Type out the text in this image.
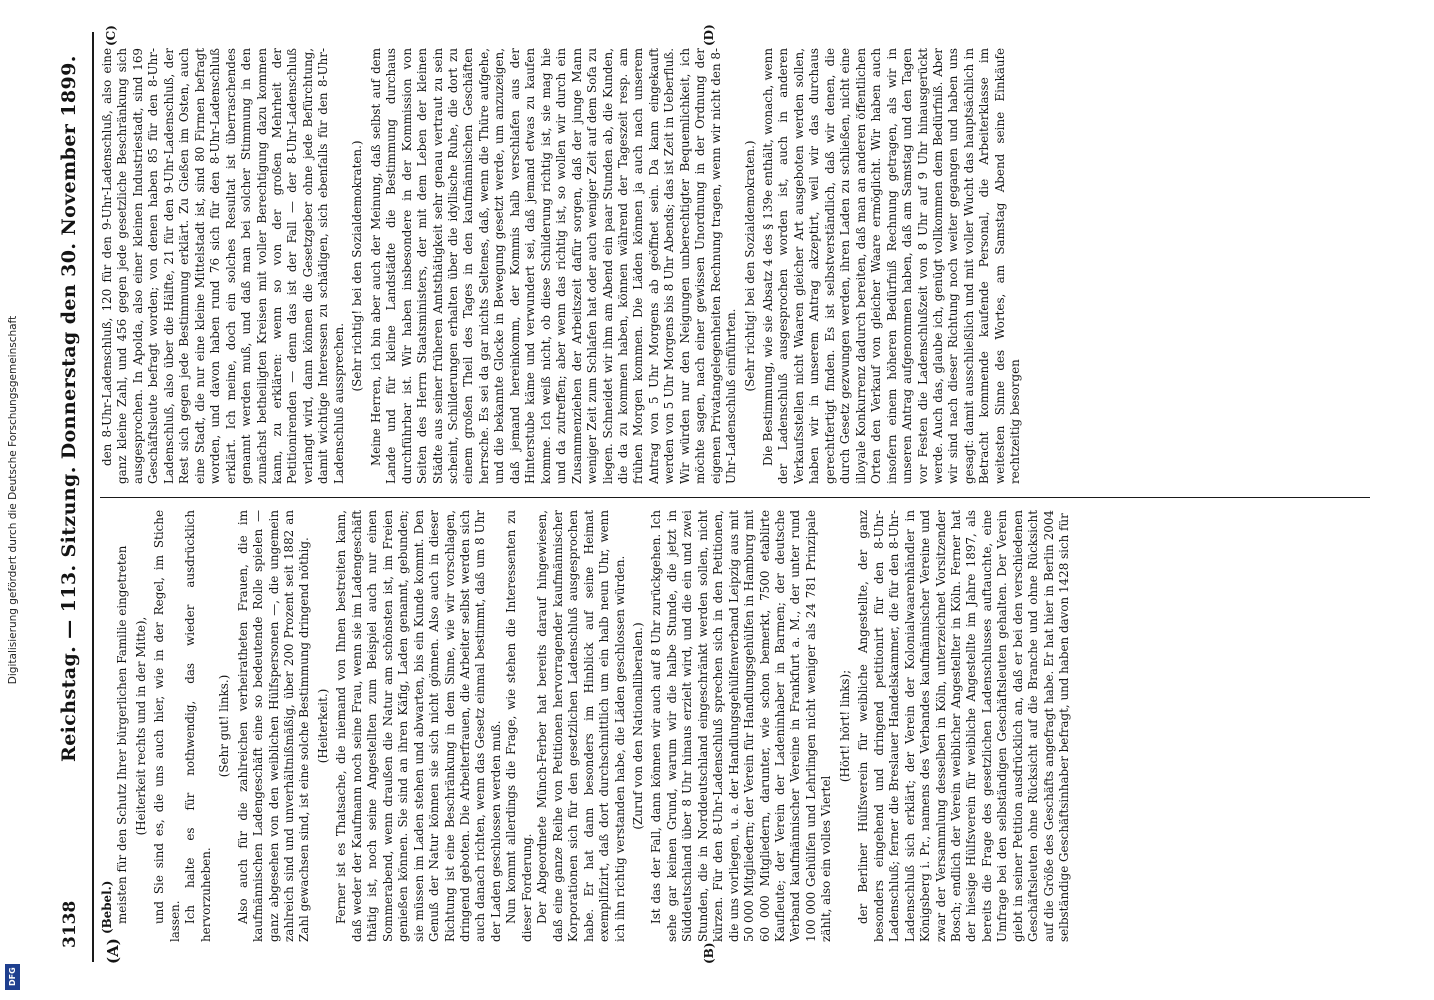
Digitalisierung gefördert durch die Deutsche Forschungsgemeinschaft
DFG
3138
Reichstag. — 113. Sitzung. Donnerstag den 30. November 1899.

(Bebel.) meisten für den Schutz Ihrer bürgerlichen Familie eingetreten (Heiterkeit rechts und in der Mitte), und Sie sind es, die uns auch hier, wie in der Regel, im Stiche lassen. Ich halte es für nothwendig, das wieder ausdrücklich hervorzuheben.

(Sehr gut! links.) Also auch für die zahlreichen verheiratheten Frauen, die im kaufmännischen Ladengeschäft eine so bedeutende Rolle spielen — ganz abgesehen von den weiblichen Hülfspersonen —, die ungemein zahlreich sind und unverhältnißmäßig, über 200 Prozent seit 1882 an Zahl gewachsen sind, ist eine solche Bestimmung dringend nöthig. (Heiterkeit.) Ferner ist es Thatsache, die niemand von Ihnen bestreiten kann, daß weder der Kaufmann noch seine Frau, wenn sie im Ladengeschäft thätig ist, noch seine Angestellten zum Beispiel auch nur einen Sommerabend, wenn draußen die Natur am schönsten ist, im Freien genießen können. Sie sind an ihren Käfig, Laden genannt, gebunden; sie müssen im Laden stehen und abwarten, bis ein Kunde kommt. Den Genuß der Natur können sie sich nicht gönnen. Also auch in dieser Richtung ist eine Beschränkung in dem Sinne, wie wir vorschlagen, dringend geboten. Die Arbeiterfrauen, die Arbeiter selbst werden sich auch danach richten, wenn das Gesetz einmal bestimmt, daß um 8 Uhr der Laden geschlossen werden muß. Nun kommt allerdings die Frage, wie stehen die Interessenten zu dieser Forderung. Der Abgeordnete Münch-Ferber hat bereits darauf hingewiesen, daß eine ganze Reihe von Petitionen hervorragender kaufmännischer Korporationen sich für den gesetzlichen Ladenschluß ausgesprochen habe. Er hat dann besonders im Hinblick auf seine Heimat exemplifizirt, daß dort durchschnittlich um ein halb neun Uhr, wenn ich ihn richtig verstanden habe, die Läden geschlossen würden. (Zuruf von den Nationalliberalen.) Ist das der Fall, dann können wir auch auf 8 Uhr zurückgehen. Ich sehe gar keinen Grund, warum wir die halbe Stunde, die jetzt in Süddeutschland über 8 Uhr hinaus erzielt wird, und die ein und zwei Stunden, die in Norddeutschland eingeschränkt werden sollen, nicht kürzen. Für den 8-Uhr-Ladenschluß sprechen sich in den Petitionen, die uns vorliegen, u. a. der Handlungsgehülfenverband Leipzig aus mit 50 000 Mitgliedern; der Verein für Handlungsgehülfen in Hamburg mit 60 000 Mitgliedern, darunter, wie schon bemerkt, 7500 etablirte Kaufleute; der Verein der Ladeninhaber in Barmen; der deutsche Verband kaufmännischer Vereine in Frankfurt a. M., der unter rund 100 000 Gehülfen und Lehrlingen nicht weniger als 24 781 Prinzipale zählt, also ein volles Viertel

(Hört! hört! links); der Berliner Hülfsverein für weibliche Angestellte, der ganz besonders eingehend und dringend petitionirt für den 8-Uhr-Ladenschluß; ferner die Breslauer Handelskammer, die für den 8-Uhr-Ladenschluß sich erklärt; der Verein der Kolonialwaarenhändler in Königsberg i. Pr., namens des Verbandes kaufmännischer Vereine und zwar der Versammlung desselben in Köln, unterzeichnet Vorsitzender Bosch; endlich der Verein weiblicher Angestellter in Köln. Ferner hat der hiesige Hülfsverein für weibliche Angestellte im Jahre 1897, als bereits die Frage des gesetzlichen Ladenschlusses auftauchte, eine Umfrage bei den selbständigen Geschäftsleuten gehalten. Der Verein giebt in seiner Petition ausdrücklich an, daß er bei den verschiedenen Geschäftsleuten ohne Rücksicht auf die Branche und ohne Rücksicht auf die Größe des Geschäfts angefragt habe. Er hat hier in Berlin 2004 selbständige Geschäftsinhaber befragt, und haben davon 1428 sich für

den 8-Uhr-Ladenschluß, 120 für den 9-Uhr-Ladenschluß, also eine ganz kleine Zahl, und 456 gegen jede gesetzliche Beschränkung sich ausgesprochen. In Apolda, also einer kleinen Industriestadt, sind 169 Geschäftsleute befragt worden; von denen haben 85 für den 8-Uhr-Ladenschluß, also über die Hälfte, 21 für den 9-Uhr-Ladenschluß, der Rest sich gegen jede Bestimmung erklärt. Zu Gießen im Osten, auch eine Stadt, die nur eine kleine Mittelstadt ist, sind 80 Firmen befragt worden, und davon haben rund 76 sich für den 8-Uhr-Ladenschluß erklärt. Ich meine, doch ein solches Resultat ist überraschendes genannt werden muß, und daß man bei solcher Stimmung in den zunächst betheiligten Kreisen mit voller Berechtigung dazu kommen kann, zu erklären: wenn so von der großen Mehrheit der Petitionirenden — denn das ist der Fall — der 8-Uhr-Ladenschluß verlangt wird, dann können die Gesetzgeber ohne jede Befürchtung, damit wichtige Interessen zu schädigen, sich ebenfalls für den 8-Uhr-Ladenschluß aussprechen.

(Sehr richtig! bei den Sozialdemokraten.) Meine Herren, ich bin aber auch der Meinung, daß selbst auf dem Lande und für kleine Landstädte die Bestimmung durchaus durchführbar ist. Wir haben insbesondere in der Kommission von Seiten des Herrn Staatsministers, der mit dem Leben der kleinen Städte aus seiner früheren Amtsthätigkeit sehr genau vertraut zu sein scheint, Schilderungen erhalten über die idyllische Ruhe, die dort zu einem großen Theil des Tages in den kaufmännischen Geschäften herrsche. Es sei da gar nichts Seltenes, daß, wenn die Thüre aufgehe, und die bekannte Glocke in Bewegung gesetzt werde, um anzuzeigen, daß jemand hereinkomm, der Kommis halb verschlafen aus der Hinterstube käme und verwundert sei, daß jemand etwas zu kaufen komme. Ich weiß nicht, ob diese Schilderung richtig ist, sie mag hie und da zutreffen; aber wenn das richtig ist, so wollen wir durch ein Zusammenziehen der Arbeitszeit dafür sorgen, daß der junge Mann weniger Zeit zum Schlafen hat oder auch weniger Zeit auf dem Sofa zu liegen. Schneidet wir ihm am Abend ein paar Stunden ab, die Kunden, die da zu kommen haben, können während der Tageszeit resp. am frühen Morgen kommen. Die Läden können ja auch nach unserem Antrag von 5 Uhr Morgens ab geöffnet sein. Da kann eingekauft werden von 5 Uhr Morgens bis 8 Uhr Abends; das ist Zeit in Ueberfluß. Wir würden nur den Neigungen unberechtigter Bequemlichkeit, ich möchte sagen, nach einer gewissen Unordnung in der Ordnung der eigenen Privatangelegenheiten Rechnung tragen, wenn wir nicht den 8-Uhr-Ladenschluß einführten.

(Sehr richtig! bei den Sozialdemokraten.) Die Bestimmung, wie sie Absatz 4 des § 139e enthält, wonach, wenn der Ladenschluß ausgesprochen worden ist, auch in anderen Verkaufsstellen nicht Waaren gleicher Art ausgeboten werden sollen, haben wir in unserem Antrag akzeptirt, weil wir das durchaus gerechtfertigt finden. Es ist selbstverständlich, daß wir denen, die durch Gesetz gezwungen werden, ihren Laden zu schließen, nicht eine illoyale Konkurrenz dadurch bereiten, daß man an anderen öffentlichen Orten den Verkauf von gleicher Waare ermöglicht. Wir haben auch insofern einem höheren Bedürfniß Rechnung getragen, als wir in unseren Antrag aufgenommen haben, daß am Samstag und den Tagen vor Festen die Ladenschlußzeit von 8 Uhr auf 9 Uhr hinausgerückt werde. Auch das, glaube ich, genügt vollkommen dem Bedürfniß. Aber wir sind nach dieser Richtung noch weiter gegangen und haben uns gesagt: damit ausschließlich und mit voller Wucht das hauptsächlich in Betracht kommende kaufende Personal, die Arbeiterklasse im weitesten Sinne des Wortes, am Samstag Abend seine Einkäufe rechtzeitig besorgen

(A)	(B)
(C)	(D)
